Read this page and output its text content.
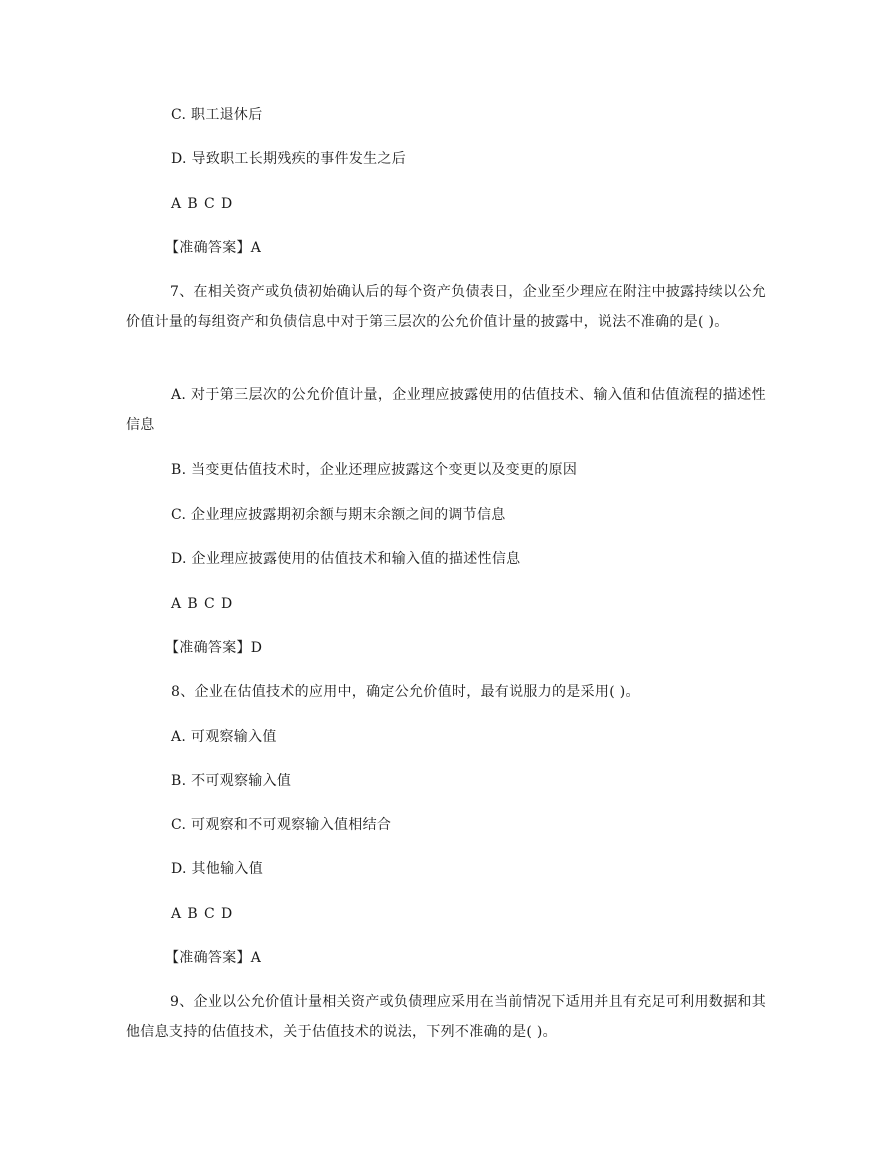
C. 职工退休后
D. 导致职工长期残疾的事件发生之后
A B C D
【准确答案】A
7、在相关资产或负债初始确认后的每个资产负债表日，企业至少理应在附注中披露持续以公允价值计量的每组资产和负债信息中对于第三层次的公允价值计量的披露中，说法不准确的是( )。
A. 对于第三层次的公允价值计量，企业理应披露使用的估值技术、输入值和估值流程的描述性信息
B. 当变更估值技术时，企业还理应披露这个变更以及变更的原因
C. 企业理应披露期初余额与期末余额之间的调节信息
D. 企业理应披露使用的估值技术和输入值的描述性信息
A B C D
【准确答案】D
8、企业在估值技术的应用中，确定公允价值时，最有说服力的是采用( )。
A. 可观察输入值
B. 不可观察输入值
C. 可观察和不可观察输入值相结合
D. 其他输入值
A B C D
【准确答案】A
9、企业以公允价值计量相关资产或负债理应采用在当前情况下适用并且有充足可利用数据和其他信息支持的估值技术，关于估值技术的说法，下列不准确的是( )。
